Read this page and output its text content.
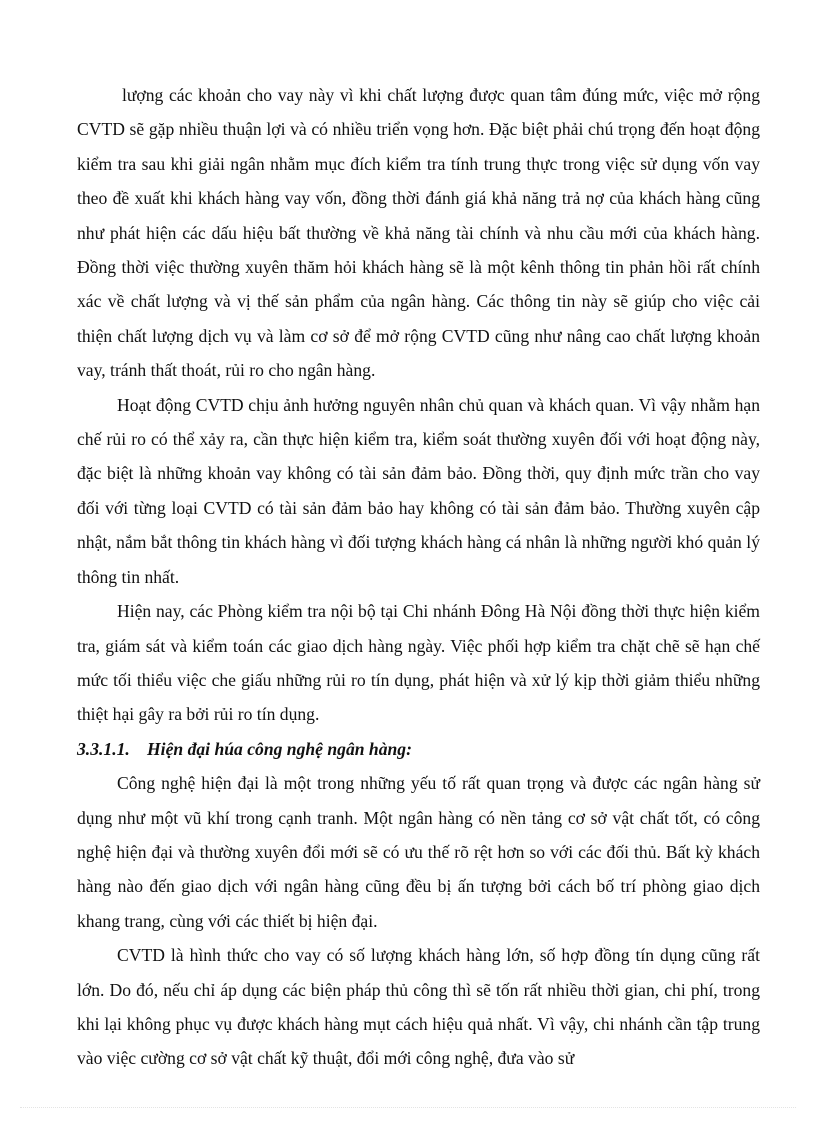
lượng các khoản cho vay này vì khi chất lượng được quan tâm đúng mức, việc mở rộng CVTD sẽ gặp nhiều thuận lợi và có nhiều triển vọng hơn. Đặc biệt phải chú trọng đến hoạt động kiểm tra sau khi giải ngân nhằm mục đích kiểm tra tính trung thực trong việc sử dụng vốn vay theo đề xuất khi khách hàng vay vốn, đồng thời đánh giá khả năng trả nợ của khách hàng cũng như phát hiện các dấu hiệu bất thường về khả năng tài chính và nhu cầu mới của khách hàng. Đồng thời việc thường xuyên thăm hỏi khách hàng sẽ là một kênh thông tin phản hồi rất chính xác về chất lượng và vị thế sản phẩm của ngân hàng. Các thông tin này sẽ giúp cho việc cải thiện chất lượng dịch vụ và làm cơ sở để mở rộng CVTD cũng như nâng cao chất lượng khoản vay, tránh thất thoát, rủi ro cho ngân hàng.

Hoạt động CVTD chịu ảnh hưởng nguyên nhân chủ quan và khách quan. Vì vậy nhằm hạn chế rủi ro có thể xảy ra, cần thực hiện kiểm tra, kiểm soát thường xuyên đối với hoạt động này, đặc biệt là những khoản vay không có tài sản đảm bảo. Đồng thời, quy định mức trần cho vay đối với từng loại CVTD có tài sản đảm bảo hay không có tài sản đảm bảo. Thường xuyên cập nhật, nắm bắt thông tin khách hàng vì đối tượng khách hàng cá nhân là những người khó quản lý thông tin nhất.

Hiện nay, các Phòng kiểm tra nội bộ tại Chi nhánh Đông Hà Nội đồng thời thực hiện kiểm tra, giám sát và kiểm toán các giao dịch hàng ngày. Việc phối hợp kiểm tra chặt chẽ sẽ hạn chế mức tối thiểu việc che giấu những rủi ro tín dụng, phát hiện và xử lý kịp thời giảm thiểu những thiệt hại gây ra bởi rủi ro tín dụng.

3.3.1.1. Hiện đại húa công nghệ ngân hàng:

Công nghệ hiện đại là một trong những yếu tố rất quan trọng và được các ngân hàng sử dụng như một vũ khí trong cạnh tranh. Một ngân hàng có nền tảng cơ sở vật chất tốt, có công nghệ hiện đại và thường xuyên đổi mới sẽ có ưu thế rõ rệt hơn so với các đối thủ. Bất kỳ khách hàng nào đến giao dịch với ngân hàng cũng đều bị ấn tượng bởi cách bố trí phòng giao dịch khang trang, cùng với các thiết bị hiện đại.

CVTD là hình thức cho vay có số lượng khách hàng lớn, số hợp đồng tín dụng cũng rất lớn. Do đó, nếu chỉ áp dụng các biện pháp thủ công thì sẽ tốn rất nhiều thời gian, chi phí, trong khi lại không phục vụ được khách hàng mụt cách hiệu quả nhất. Vì vậy, chi nhánh cần tập trung vào việc cường cơ sở vật chất kỹ thuật, đổi mới công nghệ, đưa vào sử
